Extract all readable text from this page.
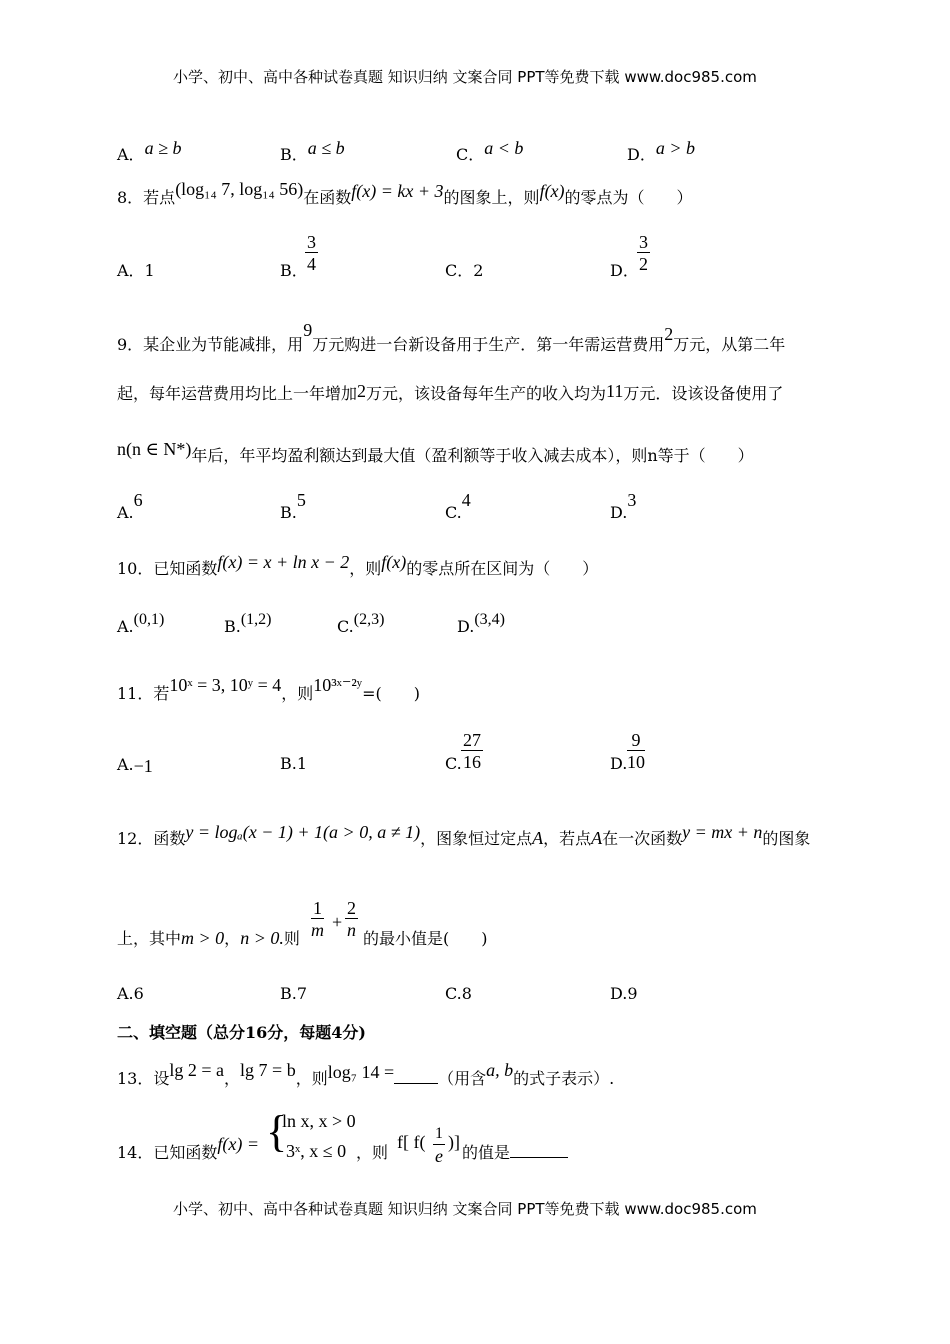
小学、初中、高中各种试卷真题 知识归纳 文案合同 PPT等免费下载 www.doc985.com
A．a ≥ b	B．a ≤ b	C．a < b	D．a > b
8．若点(log₁₄ 7, log₁₄ 56)在函数f(x) = kx + 3的图象上，则f(x)的零点为（　　）
A．1	B．
$\frac{3}{4}$	C．2	D．
$\frac{3}{2}$
9．某企业为节能减排，用9万元购进一台新设备用于生产．第一年需运营费用2万元，从第二年
起，每年运营费用均比上一年增加2万元，该设备每年生产的收入均为11万元．设该设备使用了
n(n ∈ N*)年后，年平均盈利额达到最大值（盈利额等于收入减去成本），则n等于（　　）
A.6
B.5
C.4
D.3
10．已知函数f(x) = x + ln x − 2，则f(x)的零点所在区间为（　　）
A.(0,1)	B.(1,2)	C.(2,3)	D.(3,4)
11．若10ˣ = 3, 10ʸ = 4，则10³ˣ⁻²ʸ=(　　)
A.−1	B.1	C. $\frac{27}{16}$	D. $\frac{9}{10}$
12．函数y = logₐ(x − 1) + 1(a > 0, a ≠ 1)，图象恒过定点A，若点A在一次函数y = mx + n的图象
上，其中m > 0，n > 0.则 $\frac{1}{m} + \frac{2}{n}$ 的最小值是(　　)
A.6	B.7	C.8	D.9
二、填空题（总分16分，每题4分)
13．设lg 2 = a，lg 7 = b，则log₇ 14 =	（用含a, b的式子表示）.
14．已知函数f(x) = {
ln x, x > 0
3ˣ, x ≤ 0 ，则
f[ $f( \frac{1}{e}$ )]
的值是
小学、初中、高中各种试卷真题 知识归纳 文案合同 PPT等免费下载 www.doc985.com
